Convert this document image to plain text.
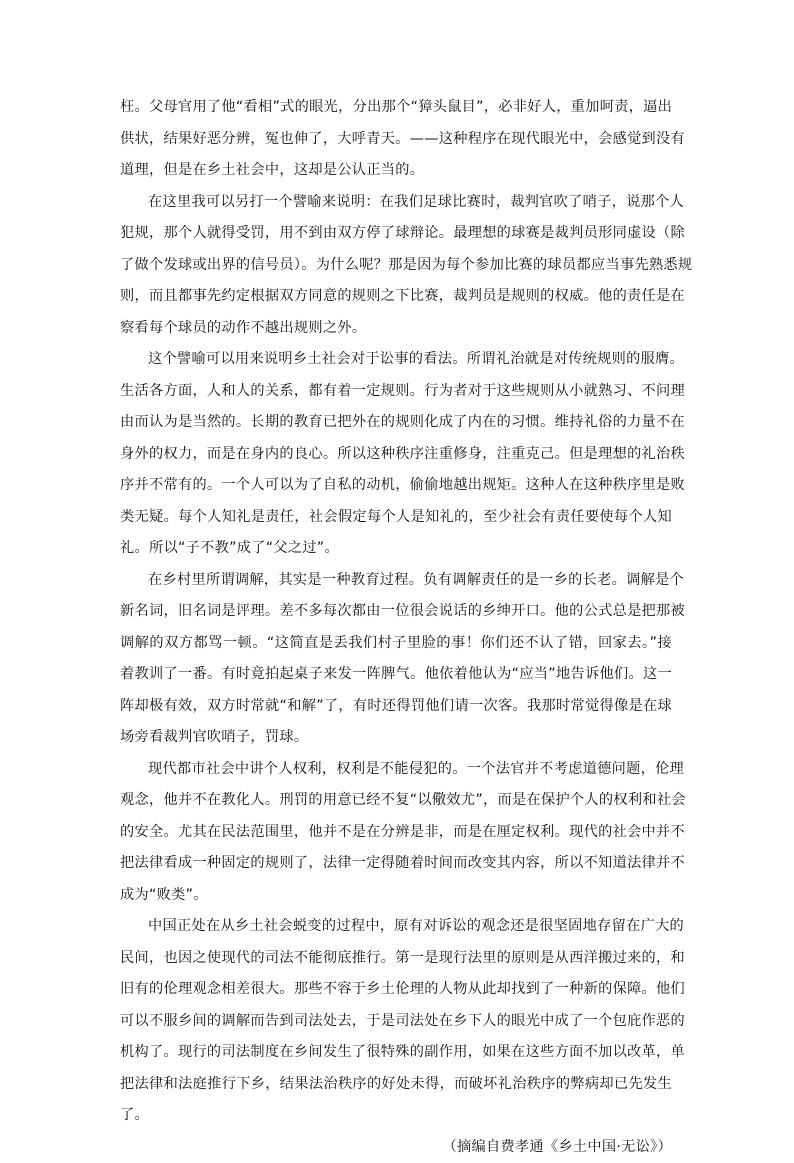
枉。父母官用了他“看相”式的眼光，分出那个“獐头鼠目”，必非好人，重加呵责，逼出
供状，结果好恶分辨，冤也伸了，大呼青天。——这种程序在现代眼光中，会感觉到没有
道理，但是在乡土社会中，这却是公认正当的。
在这里我可以另打一个譬喻来说明：在我们足球比赛时，裁判官吹了哨子，说那个人
犯规，那个人就得受罚，用不到由双方停了球辩论。最理想的球赛是裁判员形同虚设（除
了做个发球或出界的信号员）。为什么呢？那是因为每个参加比赛的球员都应当事先熟悉规
则，而且都事先约定根据双方同意的规则之下比赛，裁判员是规则的权威。他的责任是在
察看每个球员的动作不越出规则之外。
这个譬喻可以用来说明乡土社会对于讼事的看法。所谓礼治就是对传统规则的服膺。
生活各方面，人和人的关系，都有着一定规则。行为者对于这些规则从小就熟习、不问理
由而认为是当然的。长期的教育已把外在的规则化成了内在的习惯。维持礼俗的力量不在
身外的权力，而是在身内的良心。所以这种秩序注重修身，注重克己。但是理想的礼治秩
序并不常有的。一个人可以为了自私的动机，偷偷地越出规矩。这种人在这种秩序里是败
类无疑。每个人知礼是责任，社会假定每个人是知礼的，至少社会有责任要使每个人知
礼。所以“子不教”成了“父之过”。
在乡村里所谓调解，其实是一种教育过程。负有调解责任的是一乡的长老。调解是个
新名词，旧名词是评理。差不多每次都由一位很会说话的乡绅开口。他的公式总是把那被
调解的双方都骂一顿。“这简直是丢我们村子里脸的事！你们还不认了错，回家去。”接
着教训了一番。有时竟拍起桌子来发一阵脾气。他依着他认为“应当”地告诉他们。这一
阵却极有效，双方时常就“和解”了，有时还得罚他们请一次客。我那时常觉得像是在球
场旁看裁判官吹哨子，罚球。
现代都市社会中讲个人权利，权利是不能侵犯的。一个法官并不考虑道德问题，伦理
观念，他并不在教化人。刑罚的用意已经不复“以儆效尤”，而是在保护个人的权利和社会
的安全。尤其在民法范围里，他并不是在分辨是非，而是在厘定权利。现代的社会中并不
把法律看成一种固定的规则了，法律一定得随着时间而改变其内容，所以不知道法律并不
成为“败类”。
中国正处在从乡土社会蜕变的过程中，原有对诉讼的观念还是很坚固地存留在广大的
民间，也因之使现代的司法不能彻底推行。第一是现行法里的原则是从西洋搬过来的，和
旧有的伦理观念相差很大。那些不容于乡土伦理的人物从此却找到了一种新的保障。他们
可以不服乡间的调解而告到司法处去，于是司法处在乡下人的眼光中成了一个包庇作恶的
机构了。现行的司法制度在乡间发生了很特殊的副作用，如果在这些方面不加以改革，单
把法律和法庭推行下乡，结果法治秩序的好处未得，而破坏礼治秩序的弊病却已先发生
了。
（摘编自费孝通《乡土中国·无讼》）
